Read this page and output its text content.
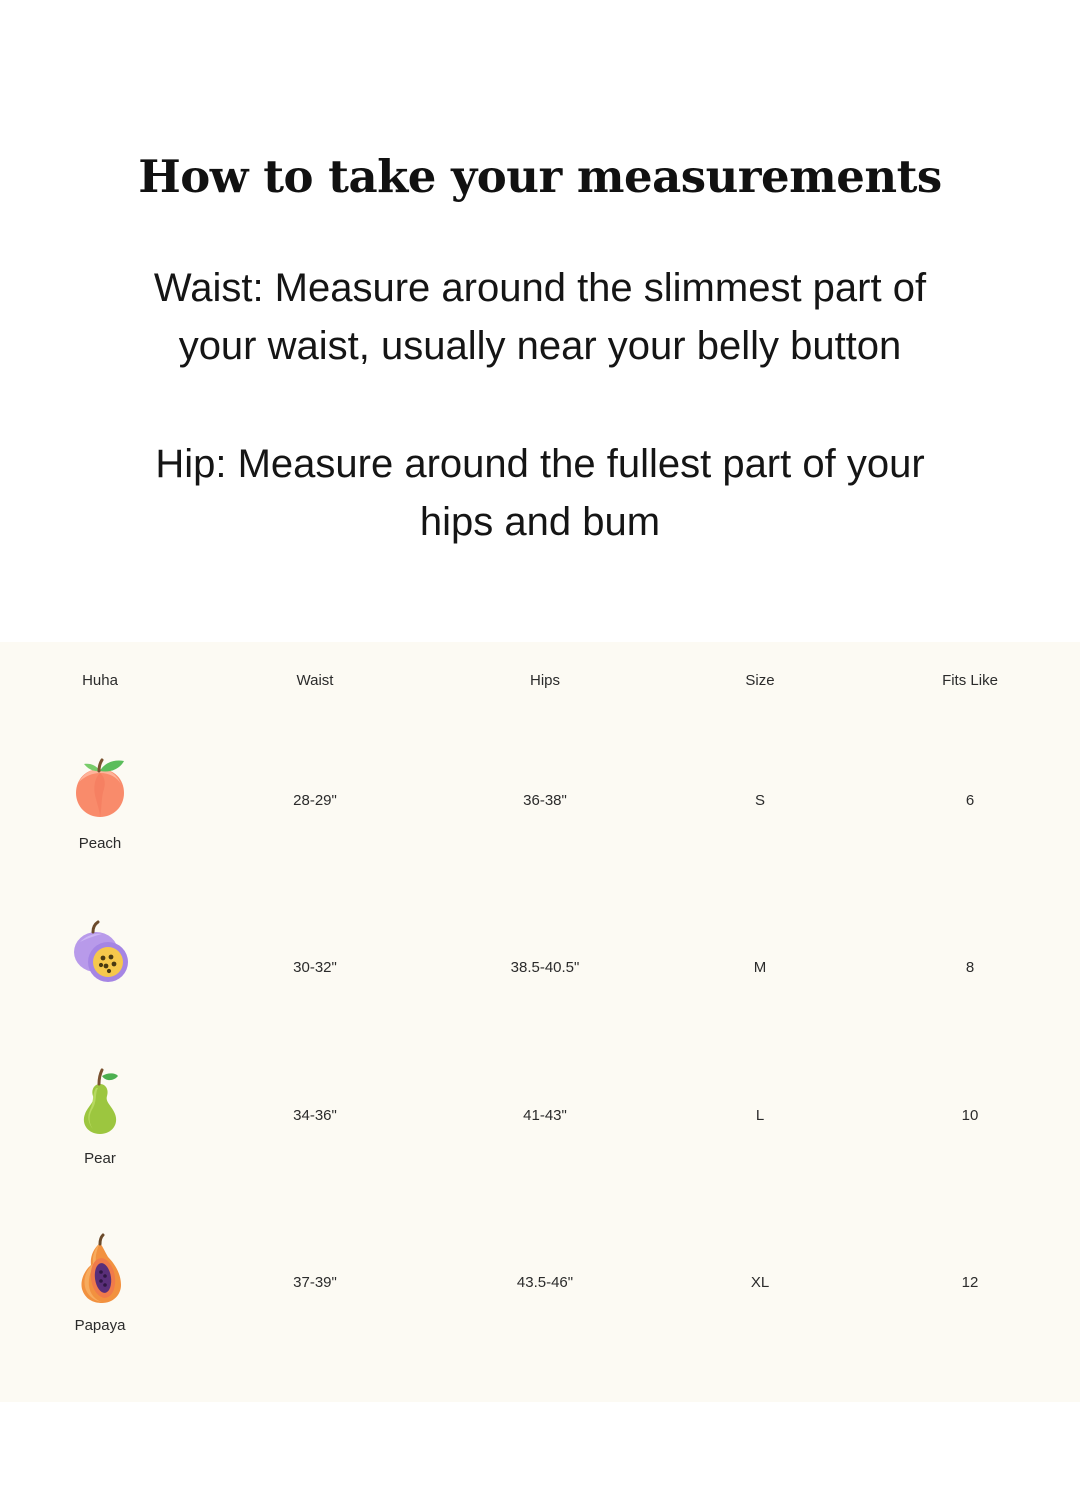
How to take your measurements
Waist: Measure around the slimmest part of your waist, usually near your belly button
Hip: Measure around the fullest part of your hips and bum
Huha	Waist	Hips	Size	Fits Like

Peach	28-29"	36-38"	S	6

	30-32"	38.5-40.5"	M	8

Pear	34-36"	41-43"	L	10

Papaya	37-39"	43.5-46"	XL	12
